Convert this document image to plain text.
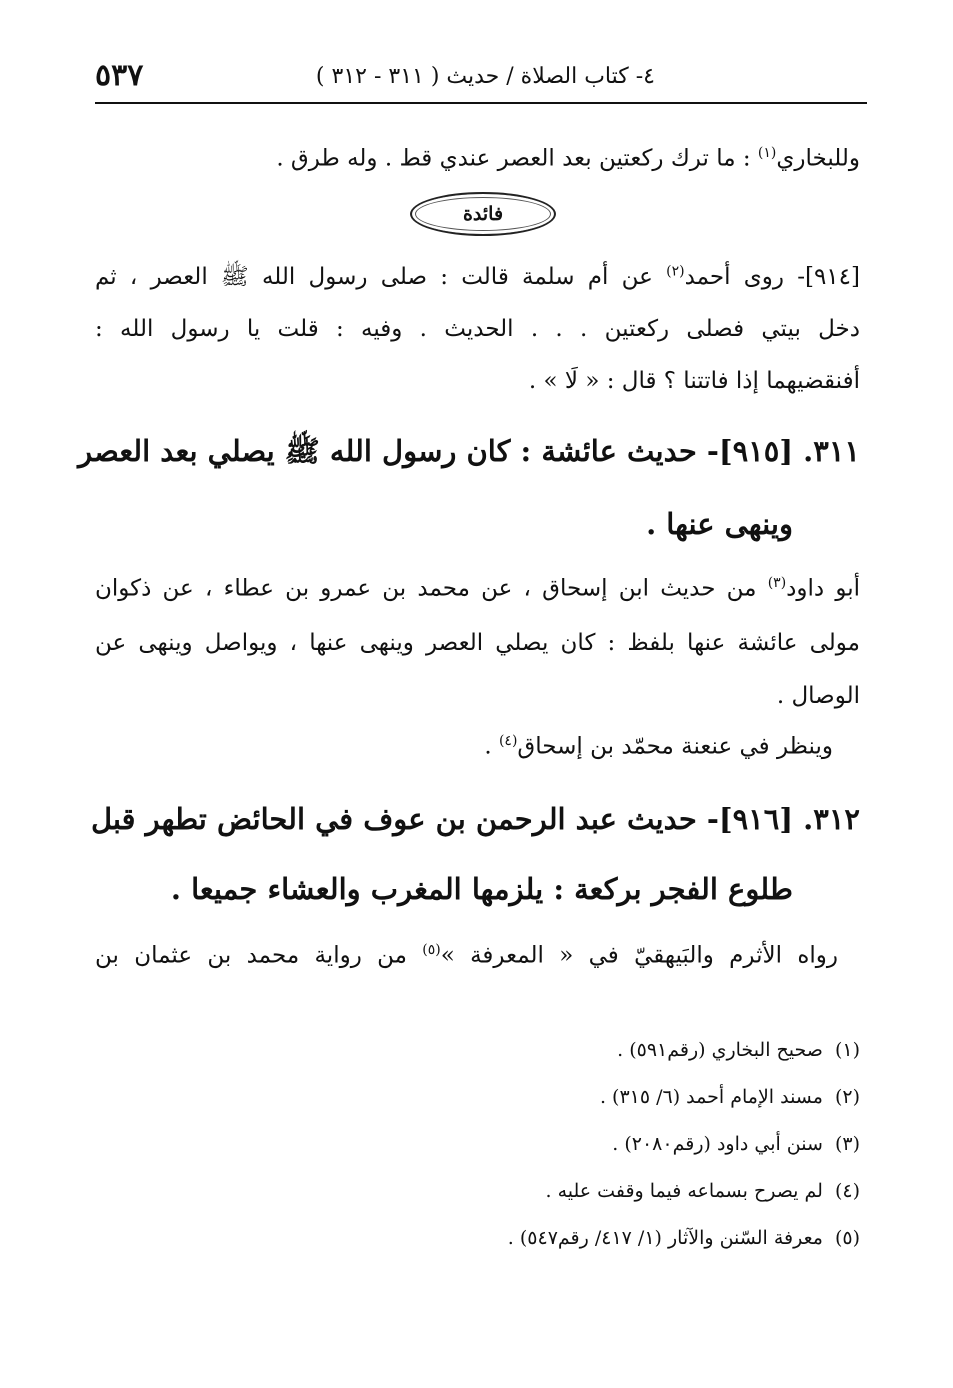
٤- كتاب الصلاة / حديث ( ٣١١ - ٣١٢ )
٥٣٧
وللبخاري$^{(١)}$ : ما ترك ركعتين بعد العصر عندي قط . وله طرق .
فائدة
[٩١٤]- روى أحمد$^{(٢)}$ عن أم سلمة قالت : صلى رسول الله ﷺ العصر ، ثم
دخل بيتي فصلى ركعتين . . . الحديث . وفيه : قلت يا رسول الله :
أفنقضيهما إذا فاتتنا ؟ قال : « لَا » .
٣١١. [٩١٥]- حديث عائشة : كان رسول الله ﷺ يصلي بعد العصر
وينهى عنها .
أبو داود$^{(٣)}$ من حديث ابن إسحاق ، عن محمد بن عمرو بن عطاء ، عن ذكوان
مولى عائشة عنها بلفظ : كان يصلي العصر وينهى عنها ، ويواصل وينهى عن
الوصال .
وينظر في عنعنة محمّد بن إسحاق$^{(٤)}$ .
٣١٢. [٩١٦]- حديث عبد الرحمن بن عوف في الحائض تطهر قبل
طلوع الفجر بركعة : يلزمها المغرب والعشاء جميعا .
رواه الأثرم والبَيهقيّ في « المعرفة »$^{(٥)}$ من رواية محمد بن عثمان بن
(١)صحيح البخاري (رقم٥٩١) .
(٢)مسند الإمام أحمد (٦/ ٣١٥) .
(٣)سنن أبي داود (رقم٢٠٨٠) .
(٤)لم يصرح بسماعه فيما وقفت عليه .
(٥)معرفة السّنن والآثار (١/ ٤١٧/ رقم٥٤٧) .
